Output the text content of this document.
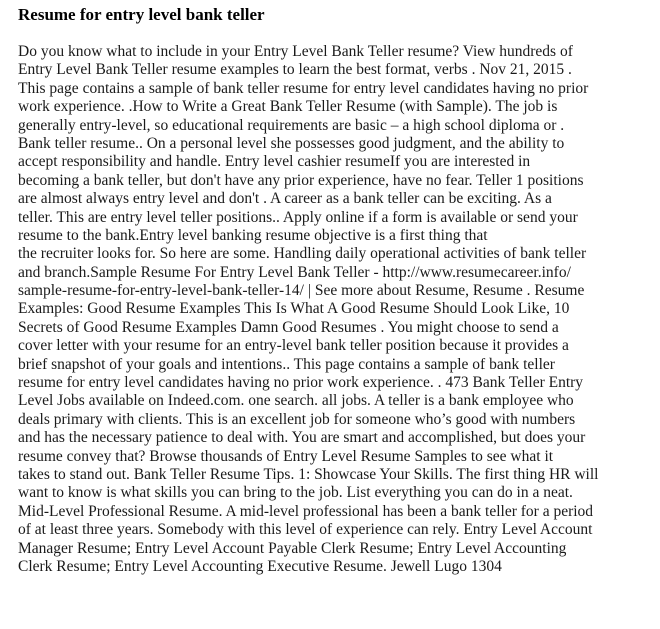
Resume for entry level bank teller
Do you know what to include in your Entry Level Bank Teller resume? View hundreds of
Entry Level Bank Teller resume examples to learn the best format, verbs . Nov 21, 2015 .
This page contains a sample of bank teller resume for entry level candidates having no prior
work experience. .How to Write a Great Bank Teller Resume (with Sample). The job is
generally entry-level, so educational requirements are basic – a high school diploma or .
Bank teller resume.. On a personal level she possesses good judgment, and the ability to
accept responsibility and handle. Entry level cashier resumeIf you are interested in
becoming a bank teller, but don't have any prior experience, have no fear. Teller 1 positions
are almost always entry level and don't . A career as a bank teller can be exciting. As a
teller. This are entry level teller positions.. Apply online if a form is available or send your
resume to the bank.Entry level banking resume objective is a first thing that
the recruiter looks for. So here are some. Handling daily operational activities of bank teller
and branch.Sample Resume For Entry Level Bank Teller - http://www.resumecareer.info/
sample-resume-for-entry-level-bank-teller-14/ | See more about Resume, Resume . Resume
Examples: Good Resume Examples This Is What A Good Resume Should Look Like, 10
Secrets of Good Resume Examples Damn Good Resumes . You might choose to send a
cover letter with your resume for an entry-level bank teller position because it provides a
brief snapshot of your goals and intentions.. This page contains a sample of bank teller
resume for entry level candidates having no prior work experience. . 473 Bank Teller Entry
Level Jobs available on Indeed.com. one search. all jobs. A teller is a bank employee who
deals primary with clients. This is an excellent job for someone who’s good with numbers
and has the necessary patience to deal with. You are smart and accomplished, but does your
resume convey that? Browse thousands of Entry Level Resume Samples to see what it
takes to stand out. Bank Teller Resume Tips. 1: Showcase Your Skills. The first thing HR will
want to know is what skills you can bring to the job. List everything you can do in a neat.
Mid-Level Professional Resume. A mid-level professional has been a bank teller for a period
of at least three years. Somebody with this level of experience can rely. Entry Level Account
Manager Resume; Entry Level Account Payable Clerk Resume; Entry Level Accounting
Clerk Resume; Entry Level Accounting Executive Resume. Jewell Lugo 1304
